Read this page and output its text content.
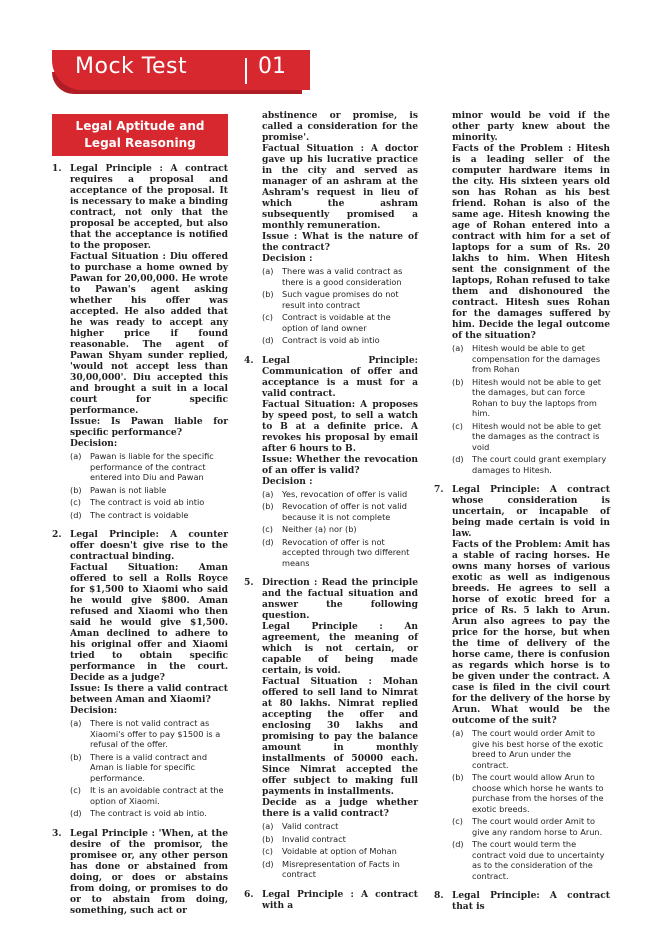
Mock Test	01
Legal Aptitude and Legal Reasoning
1. Legal Principle : A contract requires a proposal and acceptance of the proposal. It is necessary to make a binding contract, not only that the proposal be accepted, but also that the acceptance is notified to the proposer.
Factual Situation : Diu offered to purchase a home owned by Pawan for 20,00,000. He wrote to Pawan's agent asking whether his offer was accepted. He also added that he was ready to accept any higher price if found reasonable. The agent of Pawan Shyam sunder replied, 'would not accept less than 30,00,000'. Diu accepted this and brought a suit in a local court for specific performance.
Issue: Is Pawan liable for specific performance?
Decision:
(a) Pawan is liable for the specific performance of the contract entered into Diu and Pawan
(b) Pawan is not liable
(c) The contract is void ab intio
(d) The contract is voidable
2. Legal Principle: A counter offer doesn't give rise to the contractual binding.
Factual Situation: Aman offered to sell a Rolls Royce for $1,500 to Xiaomi who said he would give $800. Aman refused and Xiaomi who then said he would give $1,500. Aman declined to adhere to his original offer and Xiaomi tried to obtain specific performance in the court. Decide as a judge?
Issue: Is there a valid contract between Aman and Xiaomi?
Decision:
(a) There is not valid contract as Xiaomi's offer to pay $1500 is a refusal of the offer.
(b) There is a valid contract and Aman is liable for specific performance.
(c) It is an avoidable contract at the option of Xiaomi.
(d) The contract is void ab intio.
3. Legal Principle : 'When, at the desire of the promisor, the promisee or, any other person has done or abstained from doing, or does or abstains from doing, or promises to do or to abstain from doing, something, such act or
abstinence or promise, is called a consideration for the promise'.
Factual Situation : A doctor gave up his lucrative practice in the city and served as manager of an ashram at the Ashram's request in lieu of which the ashram subsequently promised a monthly remuneration.
Issue : What is the nature of the contract?
Decision :
(a) There was a valid contract as there is a good consideration
(b) Such vague promises do not result into contract
(c) Contract is voidable at the option of land owner
(d) Contract is void ab intio
4. Legal Principle: Communication of offer and acceptance is a must for a valid contract.
Factual Situation: A proposes by speed post, to sell a watch to B at a definite price. A revokes his proposal by email after 6 hours to B.
Issue: Whether the revocation of an offer is valid?
Decision :
(a) Yes, revocation of offer is valid
(b) Revocation of offer is not valid because it is not complete
(c) Neither (a) nor (b)
(d) Revocation of offer is not accepted through two different means
5. Direction : Read the principle and the factual situation and answer the following question.
Legal Principle : An agreement, the meaning of which is not certain, or capable of being made certain, is void.
Factual Situation : Mohan offered to sell land to Nimrat at 80 lakhs. Nimrat replied accepting the offer and enclosing 30 lakhs and promising to pay the balance amount in monthly installments of 50000 each. Since Nimrat accepted the offer subject to making full payments in installments.
Decide as a judge whether there is a valid contract?
(a) Valid contract
(b) Invalid contract
(c) Voidable at option of Mohan
(d) Misrepresentation of Facts in contract
6. Legal Principle : A contract with a
minor would be void if the other party knew about the minority.
Facts of the Problem : Hitesh is a leading seller of the computer hardware items in the city. His sixteen years old son has Rohan as his best friend. Rohan is also of the same age. Hitesh knowing the age of Rohan entered into a contract with him for a set of laptops for a sum of Rs. 20 lakhs to him. When Hitesh sent the consignment of the laptops, Rohan refused to take them and dishonoured the contract. Hitesh sues Rohan for the damages suffered by him. Decide the legal outcome of the situation?
(a) Hitesh would be able to get compensation for the damages from Rohan
(b) Hitesh would not be able to get the damages, but can force Rohan to buy the laptops from him.
(c) Hitesh would not be able to get the damages as the contract is void
(d) The court could grant exemplary damages to Hitesh.
7. Legal Principle: A contract whose consideration is uncertain, or incapable of being made certain is void in law.
Facts of the Problem: Amit has a stable of racing horses. He owns many horses of various exotic as well as indigenous breeds. He agrees to sell a horse of exotic breed for a price of Rs. 5 lakh to Arun. Arun also agrees to pay the price for the horse, but when the time of delivery of the horse came, there is confusion as regards which horse is to be given under the contract. A case is filed in the civil court for the delivery of the horse by Arun. What would be the outcome of the suit?
(a) The court would order Amit to give his best horse of the exotic breed to Arun under the contract.
(b) The court would allow Arun to choose which horse he wants to purchase from the horses of the exotic breeds.
(c) The court would order Amit to give any random horse to Arun.
(d) The court would term the contract void due to uncertainty as to the consideration of the contract.
8. Legal Principle: A contract that is
